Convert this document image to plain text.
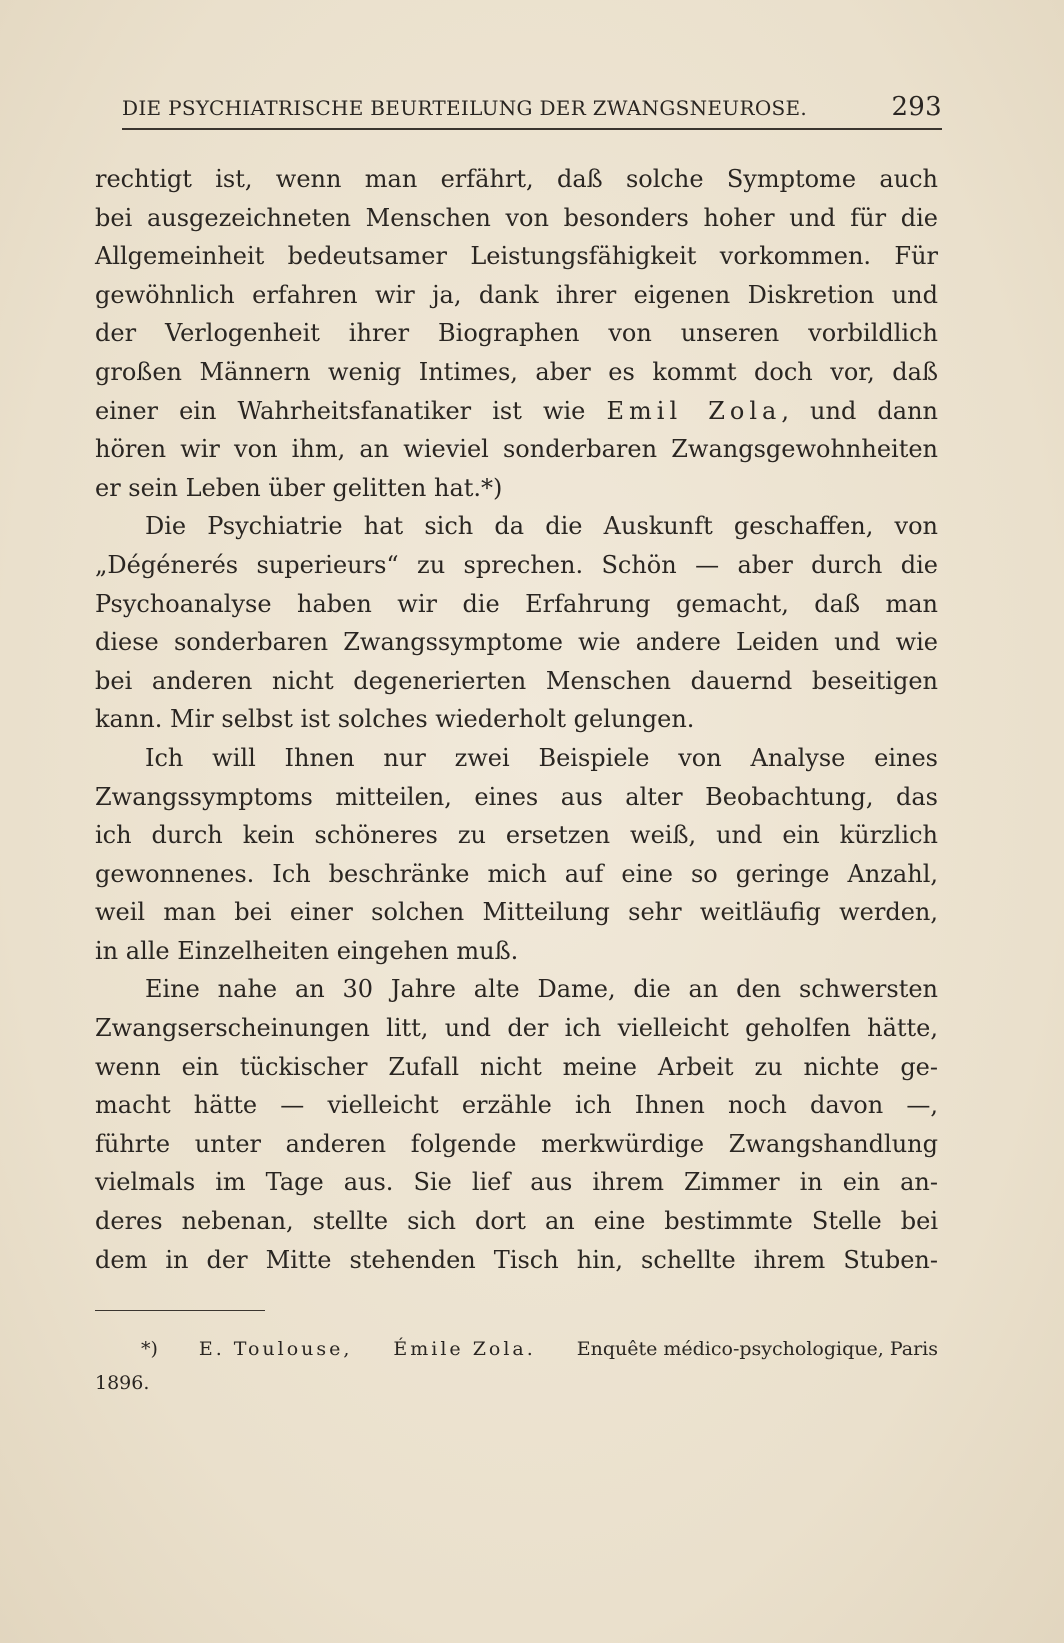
DIE PSYCHIATRISCHE BEURTEILUNG DER ZWANGSNEUROSE.	293
rechtigt ist, wenn man erfährt, daß solche Symptome auch
bei ausgezeichneten Menschen von besonders hoher und für die
Allgemeinheit bedeutsamer Leistungsfähigkeit vorkommen. Für
gewöhnlich erfahren wir ja, dank ihrer eigenen Diskretion und
der Verlogenheit ihrer Biographen von unseren vorbildlich
großen Männern wenig Intimes, aber es kommt doch vor, daß
einer ein Wahrheitsfanatiker ist wie Emil Zola, und dann
hören wir von ihm, an wieviel sonderbaren Zwangsgewohnheiten
er sein Leben über gelitten hat.*)
Die Psychiatrie hat sich da die Auskunft geschaffen, von
„Dégénerés superieurs“ zu sprechen. Schön — aber durch die
Psychoanalyse haben wir die Erfahrung gemacht, daß man
diese sonderbaren Zwangssymptome wie andere Leiden und wie
bei anderen nicht degenerierten Menschen dauernd beseitigen
kann. Mir selbst ist solches wiederholt gelungen.
Ich will Ihnen nur zwei Beispiele von Analyse eines
Zwangssymptoms mitteilen, eines aus alter Beobachtung, das
ich durch kein schöneres zu ersetzen weiß, und ein kürzlich
gewonnenes. Ich beschränke mich auf eine so geringe Anzahl,
weil man bei einer solchen Mitteilung sehr weitläufig werden,
in alle Einzelheiten eingehen muß.
Eine nahe an 30 Jahre alte Dame, die an den schwersten
Zwangserscheinungen litt, und der ich vielleicht geholfen hätte,
wenn ein tückischer Zufall nicht meine Arbeit zu nichte ge-
macht hätte — vielleicht erzähle ich Ihnen noch davon —,
führte unter anderen folgende merkwürdige Zwangshandlung
vielmals im Tage aus. Sie lief aus ihrem Zimmer in ein an-
deres nebenan, stellte sich dort an eine bestimmte Stelle bei
dem in der Mitte stehenden Tisch hin, schellte ihrem Stuben-
*) E. Toulouse, Émile Zola. Enquête médico-psychologique, Paris
1896.
